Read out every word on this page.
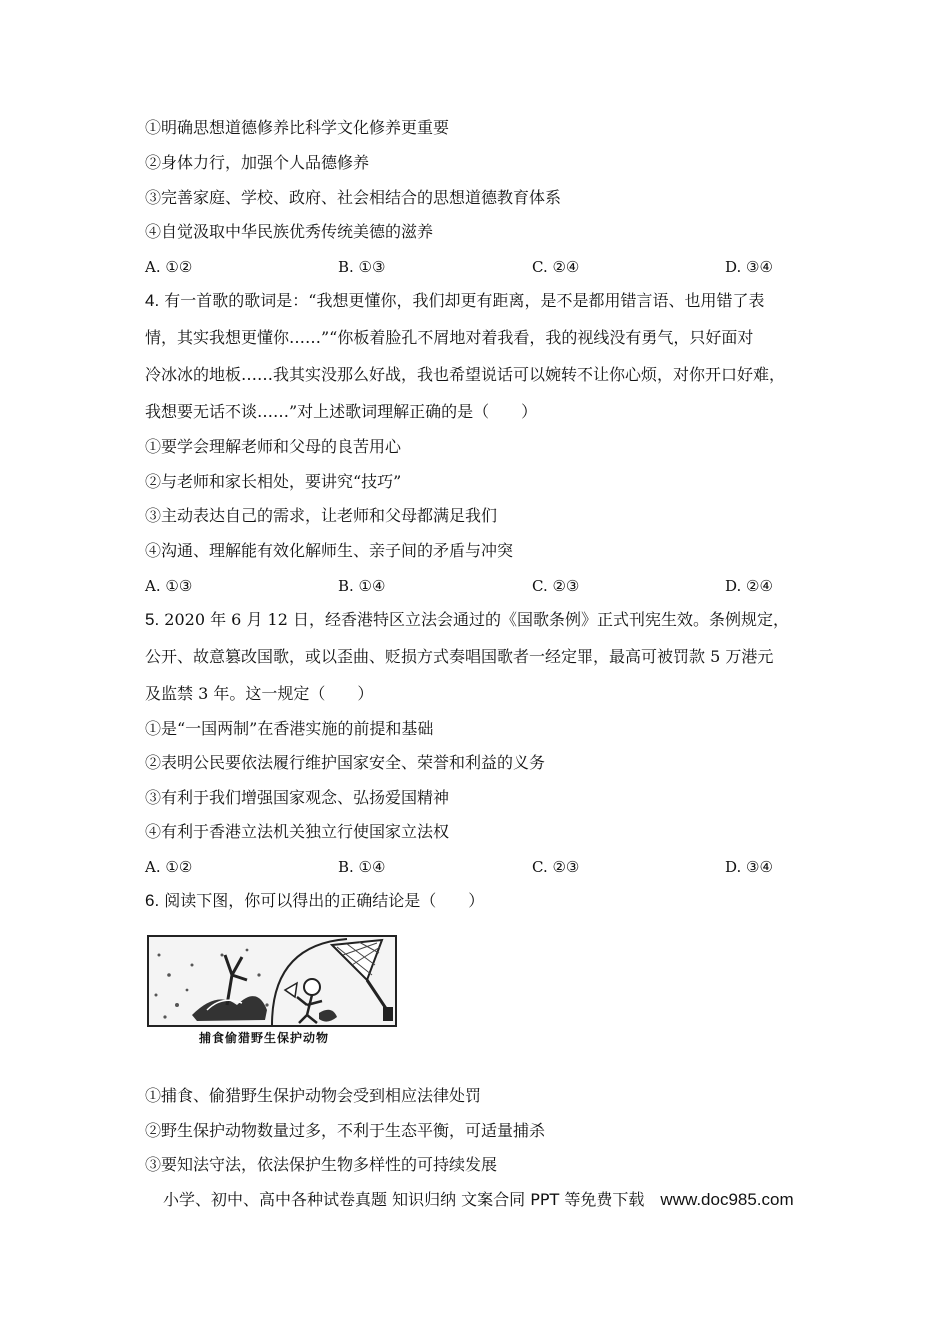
①明确思想道德修养比科学文化修养更重要
②身体力行，加强个人品德修养
③完善家庭、学校、政府、社会相结合的思想道德教育体系
④自觉汲取中华民族优秀传统美德的滋养
A. ①②	B. ①③	C. ②④	D. ③④
4. 有一首歌的歌词是：“我想更懂你，我们却更有距离，是不是都用错言语、也用错了表
情，其实我想更懂你……”“你板着脸孔不屑地对着我看，我的视线没有勇气，只好面对
冷冰冰的地板……我其实没那么好战，我也希望说话可以婉转不让你心烦，对你开口好难，
我想要无话不谈……”对上述歌词理解正确的是（　　）
①要学会理解老师和父母的良苦用心
②与老师和家长相处，要讲究“技巧”
③主动表达自己的需求，让老师和父母都满足我们
④沟通、理解能有效化解师生、亲子间的矛盾与冲突
A. ①③	B. ①④	C. ②③	D. ②④
5. 2020 年 6 月 12 日，经香港特区立法会通过的《国歌条例》正式刊宪生效。条例规定，
公开、故意篡改国歌，或以歪曲、贬损方式奏唱国歌者一经定罪，最高可被罚款 5 万港元
及监禁 3 年。这一规定（　　）
①是“一国两制”在香港实施的前提和基础
②表明公民要依法履行维护国家安全、荣誉和利益的义务
③有利于我们增强国家观念、弘扬爱国精神
④有利于香港立法机关独立行使国家立法权
A. ①②	B. ①④	C. ②③	D. ③④
6. 阅读下图，你可以得出的正确结论是（　　）
捕食偷猎野生保护动物
①捕食、偷猎野生保护动物会受到相应法律处罚
②野生保护动物数量过多，不利于生态平衡，可适量捕杀
③要知法守法，依法保护生物多样性的可持续发展
小学、初中、高中各种试卷真题 知识归纳 文案合同 PPT 等免费下载　www.doc985.com
